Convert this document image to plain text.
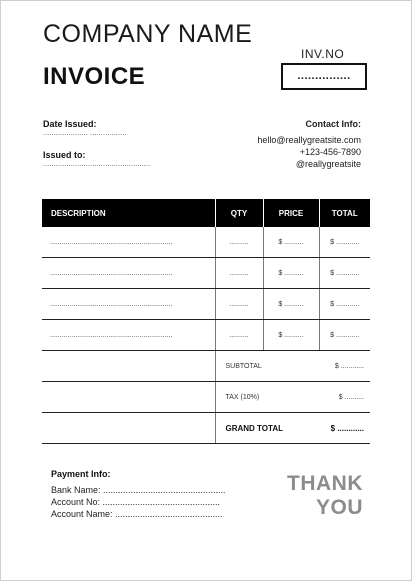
COMPANY NAME
INV.NO
...............
INVOICE
Date Issued:
..................... .................
Issued to:
..................................................
Contact Info:
hello@reallygreatsite.com
+123-456-7890
@reallygreatsite
DESCRIPTION	QTY	PRICE	TOTAL
...............................................................	..........	$ ..........	$ ............
...............................................................	..........	$ ..........	$ ............
...............................................................	..........	$ ..........	$ ............
...............................................................	..........	$ ..........	$ ............
	SUBTOTAL		$ ............
	TAX (10%)		$ ..........
	GRAND TOTAL		$ ............
Payment Info:
Bank Name: .................................................
Account No: ...............................................
Account Name: ...........................................
THANK
YOU
